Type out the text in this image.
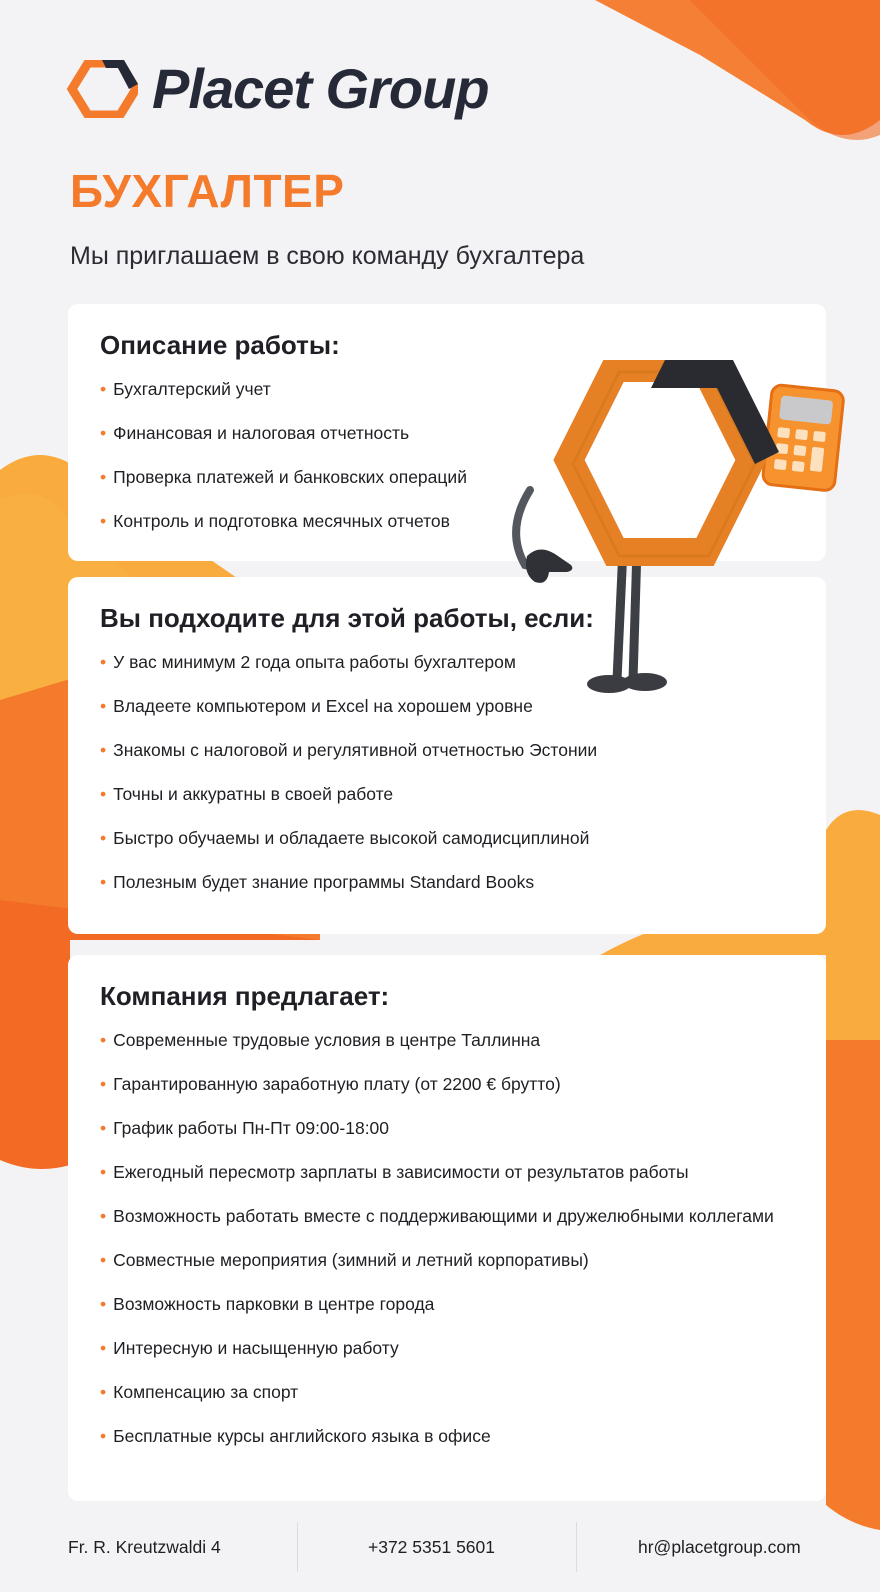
Placet Group
БУХГАЛТЕР

Мы приглашаем в свою команду бухгалтера

Описание работы:
• Бухгалтерский учет
• Финансовая и налоговая отчетность
• Проверка платежей и банковских операций
• Контроль и подготовка месячных отчетов
Вы подходите для этой работы, если:
• У вас минимум 2 года опыта работы бухгалтером
• Владеете компьютером и Excel на хорошем уровне
• Знакомы с налоговой и регулятивной отчетностью Эстонии
• Точны и аккуратны в своей работе
• Быстро обучаемы и обладаете высокой самодисциплиной
• Полезным будет знание программы Standard Books
Компания предлагает:
• Современные трудовые условия в центре Таллинна
• Гарантированную заработную плату (от 2200 € брутто)
• График работы Пн-Пт 09:00-18:00
• Ежегодный пересмотр зарплаты в зависимости от результатов работы
• Возможность работать вместе с поддерживающими и дружелюбными коллегами
• Совместные мероприятия (зимний и летний корпоративы)
• Возможность парковки в центре города
• Интересную и насыщенную работу
• Компенсацию за спорт
• Бесплатные курсы английского языка в офисе
Fr. R. Kreutzwaldi 4	+372 5351 5601	hr@placetgroup.com
